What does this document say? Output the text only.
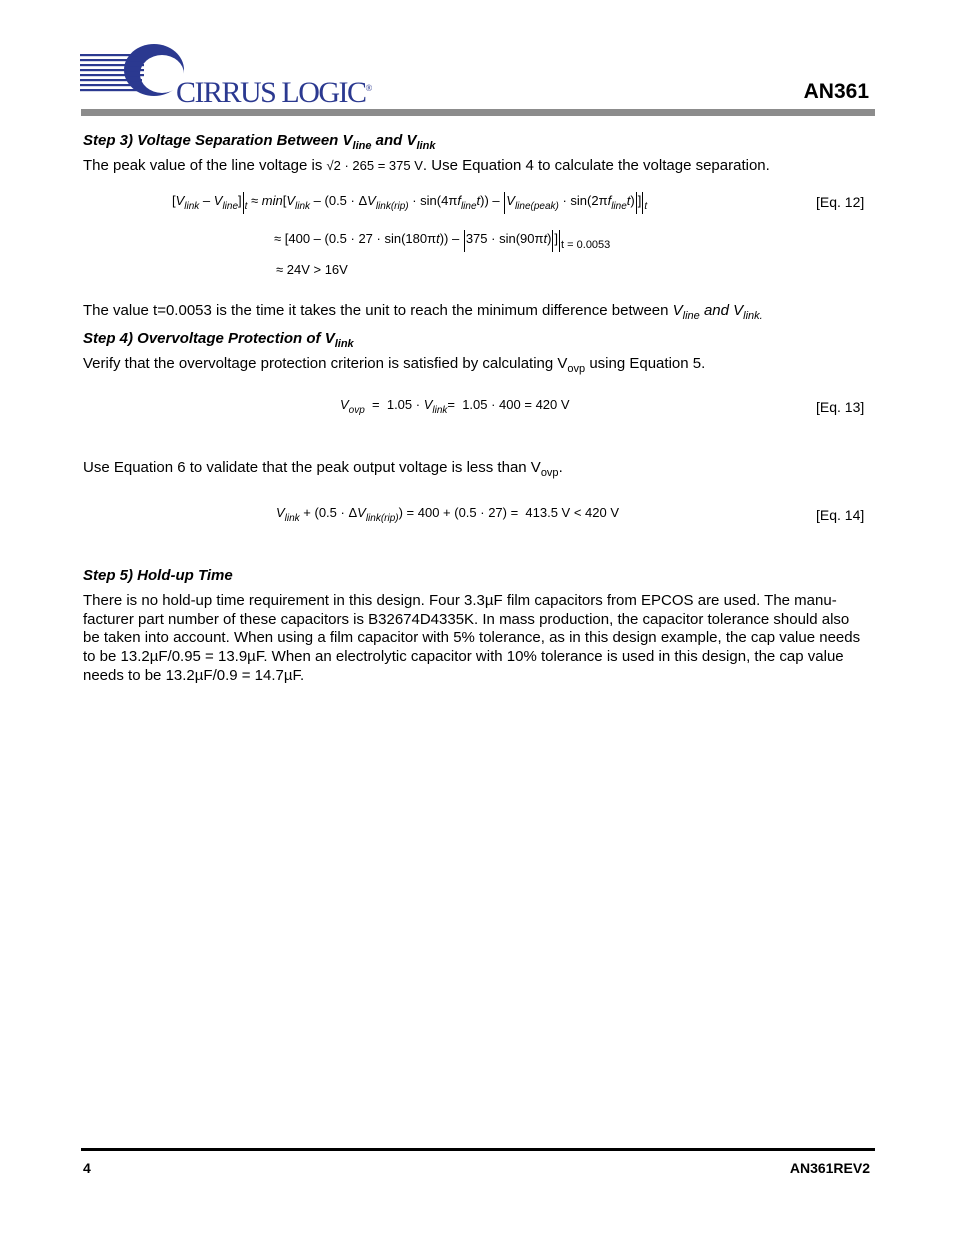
CIRRUS LOGIC®	AN361
Step 3) Voltage Separation Between $V_{line}$ and $V_{link}$
The peak value of the line voltage is √2 · 265 = 375 V. Use Equation 4 to calculate the voltage separation.
$[V_{link} - V_{line}] _t \approx \min[V_{link} - (0.5 \cdot \Delta V_{link(rip)} \cdot \sin(4\pi f_{line}t)) - V_{line(peak)} \cdot \sin(2\pi f_{line}t)$ ] $_t$	[Eq. 12]
≈ [400 – (0.5 · 27 · sin(180πt)) – 375 · sin(90πt) ] $_{t = 0.0053}$
≈ 24V > 16V
The value t=0.0053 is the time it takes the unit to reach the minimum difference between $V_{line}$ and $V_{link.}$
Step 4) Overvoltage Protection of $V_{link}$
Verify that the overvoltage protection criterion is satisfied by calculating $V_{ovp}$ using Equation 5.
$V_{ovp} = 1.05 \cdot V_{link}= 1.05 \cdot 400 = 420$ V	[Eq. 13]
Use Equation 6 to validate that the peak output voltage is less than $V_{ovp}$.
$V_{link} + (0.5 \cdot \Delta V_{link(rip)}) = 400 + (0.5 \cdot 27) = 413.5$ V < 420 V	[Eq. 14]
Step 5) Hold-up Time
There is no hold-up time requirement in this design. Four 3.3µF film capacitors from EPCOS are used. The manu-
facturer part number of these capacitors is B32674D4335K. In mass production, the capacitor tolerance should also
be taken into account. When using a film capacitor with 5% tolerance, as in this design example, the cap value needs
to be 13.2µF/0.95 = 13.9µF. When an electrolytic capacitor with 10% tolerance is used in this design, the cap value
needs to be 13.2µF/0.9 = 14.7µF.
4	AN361REV2
